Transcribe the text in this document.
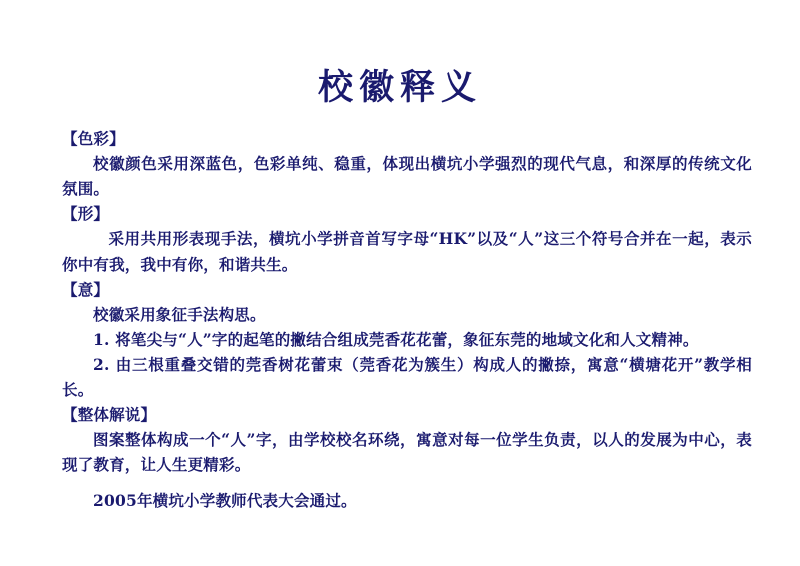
校徽释义

【色彩】

校徽颜色采用深蓝色，色彩单纯、稳重，体现出横坑小学强烈的现代气息，和深厚的传统文化氛围。

【形】

采用共用形表现手法，横坑小学拼音首写字母“HK”以及“人”这三个符号合并在一起，表示你中有我，我中有你，和谐共生。

【意】

校徽采用象征手法构思。

1. 将笔尖与“人”字的起笔的撇结合组成莞香花花蕾，象征东莞的地域文化和人文精神。

2. 由三根重叠交错的莞香树花蕾束（莞香花为簇生）构成人的撇捺，寓意“横塘花开”教学相长。

【整体解说】

图案整体构成一个“人”字，由学校校名环绕，寓意对每一位学生负责，以人的发展为中心，表现了教育，让人生更精彩。

2005年横坑小学教师代表大会通过。
